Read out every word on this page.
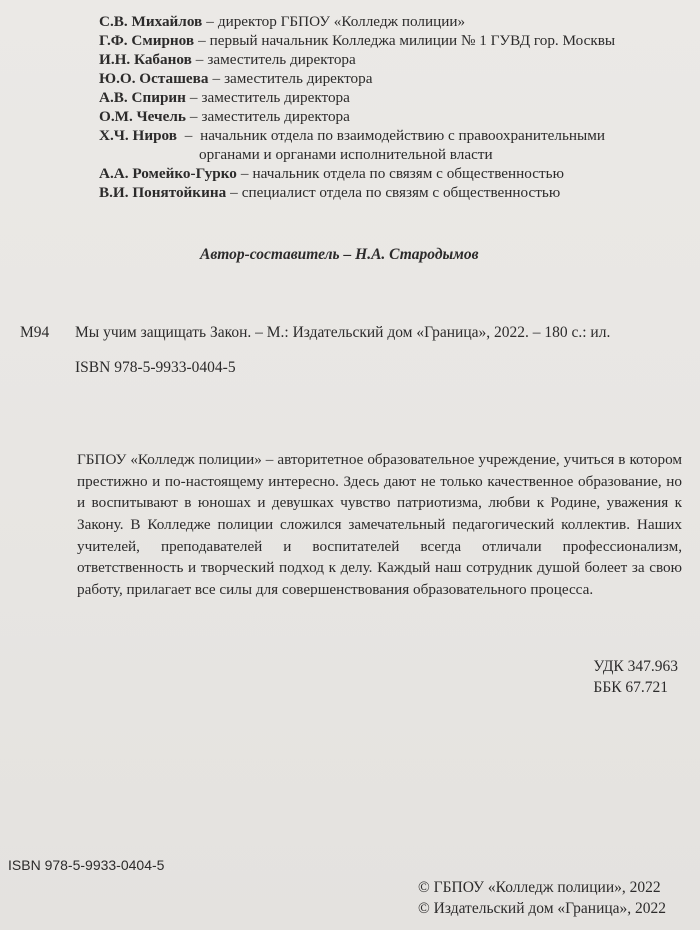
С.В. Михайлов – директор ГБПОУ «Колледж полиции»
Г.Ф. Смирнов – первый начальник Колледжа милиции № 1 ГУВД гор. Москвы
И.Н. Кабанов – заместитель директора
Ю.О. Осташева – заместитель директора
А.В. Спирин – заместитель директора
О.М. Чечель – заместитель директора
Х.Ч. Ниров – начальник отдела по взаимодействию с правоохранительными
органами и органами исполнительной власти
А.А. Ромейко-Гурко – начальник отдела по связям с общественностью
В.И. Понятойкина – специалист отдела по связям с общественностью
Автор-составитель – Н.А. Стародымов
М94 Мы учим защищать Закон. – М.: Издательский дом «Граница», 2022. – 180 с.: ил.
ISBN 978-5-9933-0404-5

ГБПОУ «Колледж полиции» – авторитетное образовательное учреждение, учиться в котором престижно и по-настоящему интересно. Здесь дают не только качественное образование, но и воспитывают в юношах и девушках чувство патриотизма, любви к Родине, уважения к Закону. В Колледже полиции сложился замечательный педагогический коллектив. Наших учителей, преподавателей и воспитателей всегда отличали профессионализм, ответственность и творческий подход к делу. Каждый наш сотрудник душой болеет за свою работу, прилагает все силы для совершенствования образовательного процесса.

УДК 347.963
ББК 67.721
ISBN 978-5-9933-0404-5
© ГБПОУ «Колледж полиции», 2022
© Издательский дом «Граница», 2022
